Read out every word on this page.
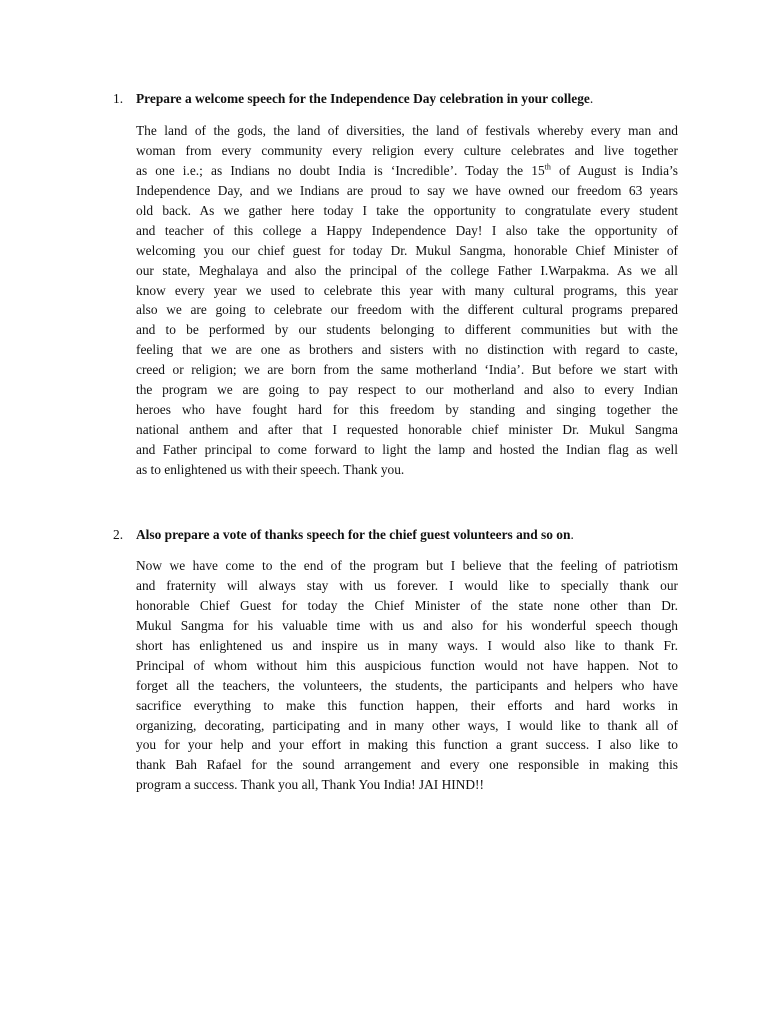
1. Prepare a welcome speech for the Independence Day celebration in your college.
The land of the gods, the land of diversities, the land of festivals whereby every man and
woman from every community every religion every culture celebrates and live together
as one i.e.; as Indians no doubt India is ‘Incredible’. Today the 15th of August is India’s
Independence Day, and we Indians are proud to say we have owned our freedom 63 years
old back. As we gather here today I take the opportunity to congratulate every student
and teacher of this college a Happy Independence Day! I also take the opportunity of
welcoming you our chief guest for today Dr. Mukul Sangma, honorable Chief Minister of
our state, Meghalaya and also the principal of the college Father I.Warpakma. As we all
know every year we used to celebrate this year with many cultural programs, this year
also we are going to celebrate our freedom with the different cultural programs prepared
and to be performed by our students belonging to different communities but with the
feeling that we are one as brothers and sisters with no distinction with regard to caste,
creed or religion; we are born from the same motherland ‘India’. But before we start with
the program we are going to pay respect to our motherland and also to every Indian
heroes who have fought hard for this freedom by standing and singing together the
national anthem and after that I requested honorable chief minister Dr. Mukul Sangma
and Father principal to come forward to light the lamp and hosted the Indian flag as well
as to enlightened us with their speech. Thank you.
2. Also prepare a vote of thanks speech for the chief guest volunteers and so on.
Now we have come to the end of the program but I believe that the feeling of patriotism
and fraternity will always stay with us forever. I would like to specially thank our
honorable Chief Guest for today the Chief Minister of the state none other than Dr.
Mukul Sangma for his valuable time with us and also for his wonderful speech though
short has enlightened us and inspire us in many ways. I would also like to thank Fr.
Principal of whom without him this auspicious function would not have happen. Not to
forget all the teachers, the volunteers, the students, the participants and helpers who have
sacrifice everything to make this function happen, their efforts and hard works in
organizing, decorating, participating and in many other ways, I would like to thank all of
you for your help and your effort in making this function a grant success. I also like to
thank Bah Rafael for the sound arrangement and every one responsible in making this
program a success. Thank you all, Thank You India! JAI HIND!!
